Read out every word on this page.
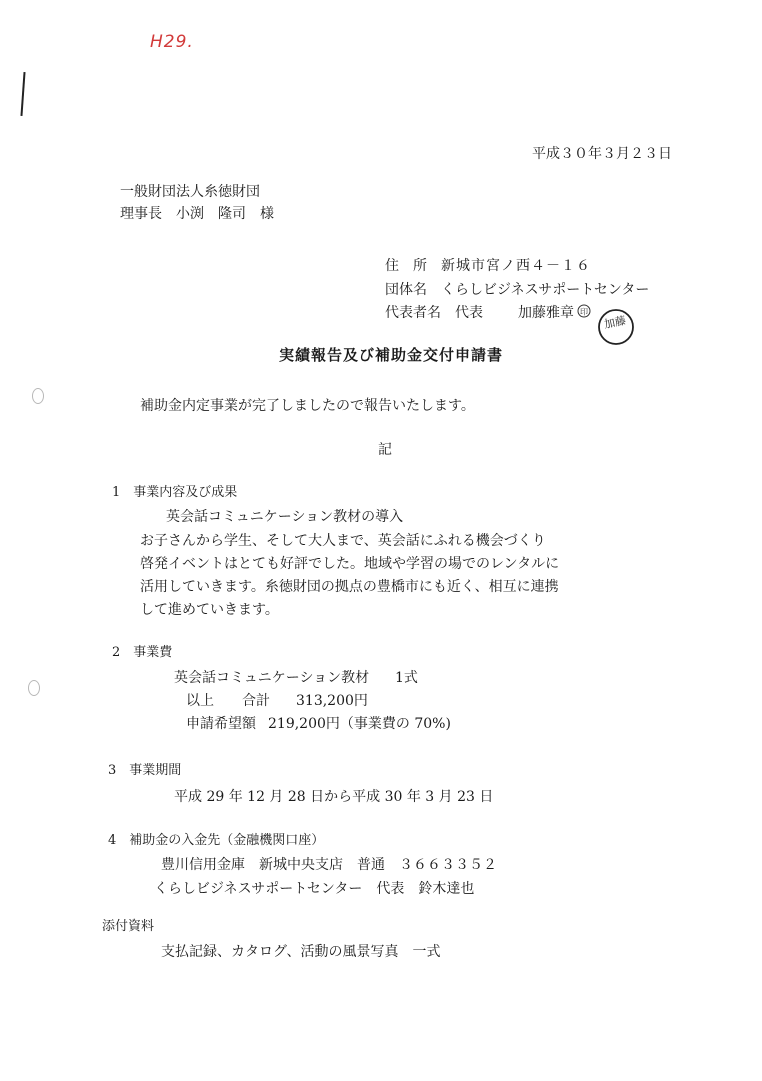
H29.
平成３０年３月２３日
一般財団法人糸徳財団
理事長　小渕　隆司　様
住　所 新城市宮ノ西４－１６
団体名 くらしビジネスサポートセンター
代表者名 代表	加藤雅章 印
加藤
実績報告及び補助金交付申請書
補助金内定事業が完了しましたので報告いたします。
記
1　事業内容及び成果
英会話コミュニケーション教材の導入
お子さんから学生、そして大人まで、英会話にふれる機会づくり
啓発イベントはとても好評でした。地域や学習の場でのレンタルに
活用していきます。糸徳財団の拠点の豊橋市にも近く、相互に連携
して進めていきます。
2　事業費
英会話コミュニケーション教材 1式
以上　　合計 313,200円
申請希望額 219,200円（事業費の 70%)
3　事業期間
平成 29 年 12 月 28 日から平成 30 年 3 月 23 日
4　補助金の入金先（金融機関口座）
豊川信用金庫　新城中央支店　普通　３６６３３５２
くらしビジネスサポートセンター　代表　鈴木達也
添付資料
支払記録、カタログ、活動の風景写真　一式
